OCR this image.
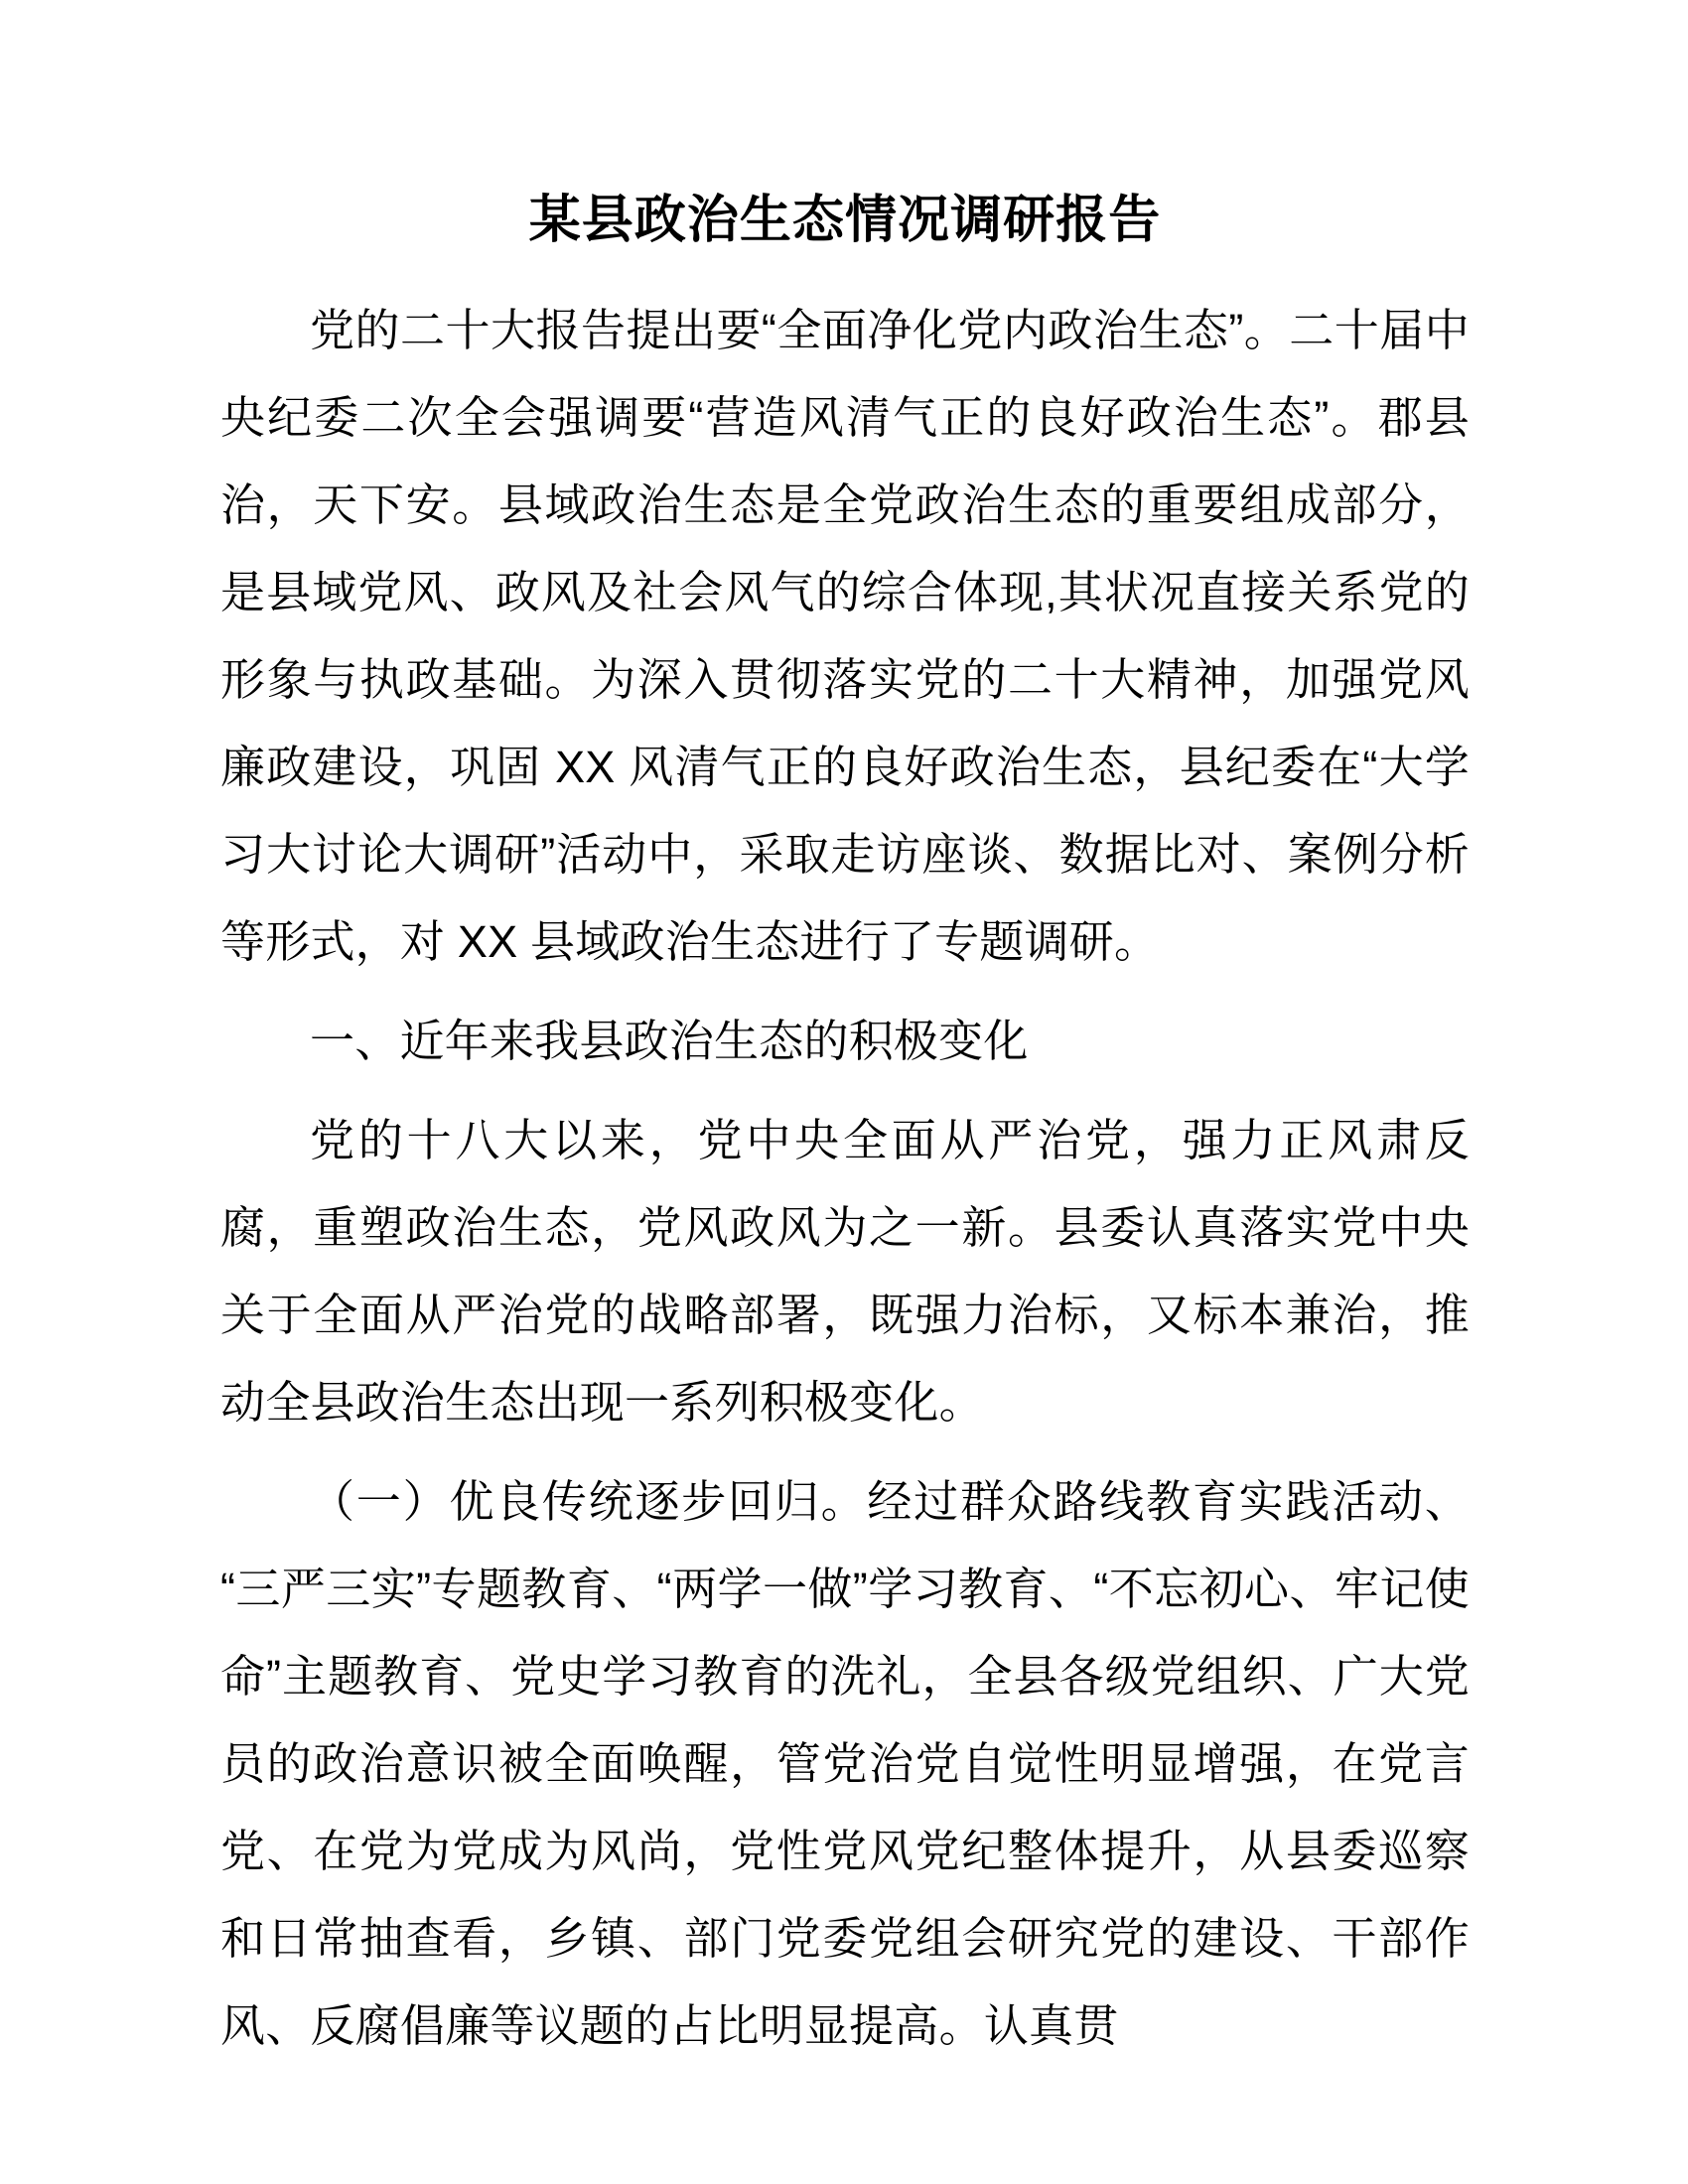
某县政治生态情况调研报告

党的二十大报告提出要“全面净化党内政治生态”。二十届中央纪委二次全会强调要“营造风清气正的良好政治生态”。郡县治，天下安。县域政治生态是全党政治生态的重要组成部分，是县域党风、政风及社会风气的综合体现,其状况直接关系党的形象与执政基础。为深入贯彻落实党的二十大精神，加强党风廉政建设，巩固 XX 风清气正的良好政治生态，县纪委在“大学习大讨论大调研”活动中，采取走访座谈、数据比对、案例分析等形式，对 XX 县域政治生态进行了专题调研。

一、近年来我县政治生态的积极变化

党的十八大以来，党中央全面从严治党，强力正风肃反腐，重塑政治生态，党风政风为之一新。县委认真落实党中央关于全面从严治党的战略部署，既强力治标，又标本兼治，推动全县政治生态出现一系列积极变化。

（一）优良传统逐步回归。经过群众路线教育实践活动、“三严三实”专题教育、“两学一做”学习教育、“不忘初心、牢记使命”主题教育、党史学习教育的洗礼，全县各级党组织、广大党员的政治意识被全面唤醒，管党治党自觉性明显增强，在党言党、在党为党成为风尚，党性党风党纪整体提升，从县委巡察和日常抽查看，乡镇、部门党委党组会研究党的建设、干部作风、反腐倡廉等议题的占比明显提高。认真贯
